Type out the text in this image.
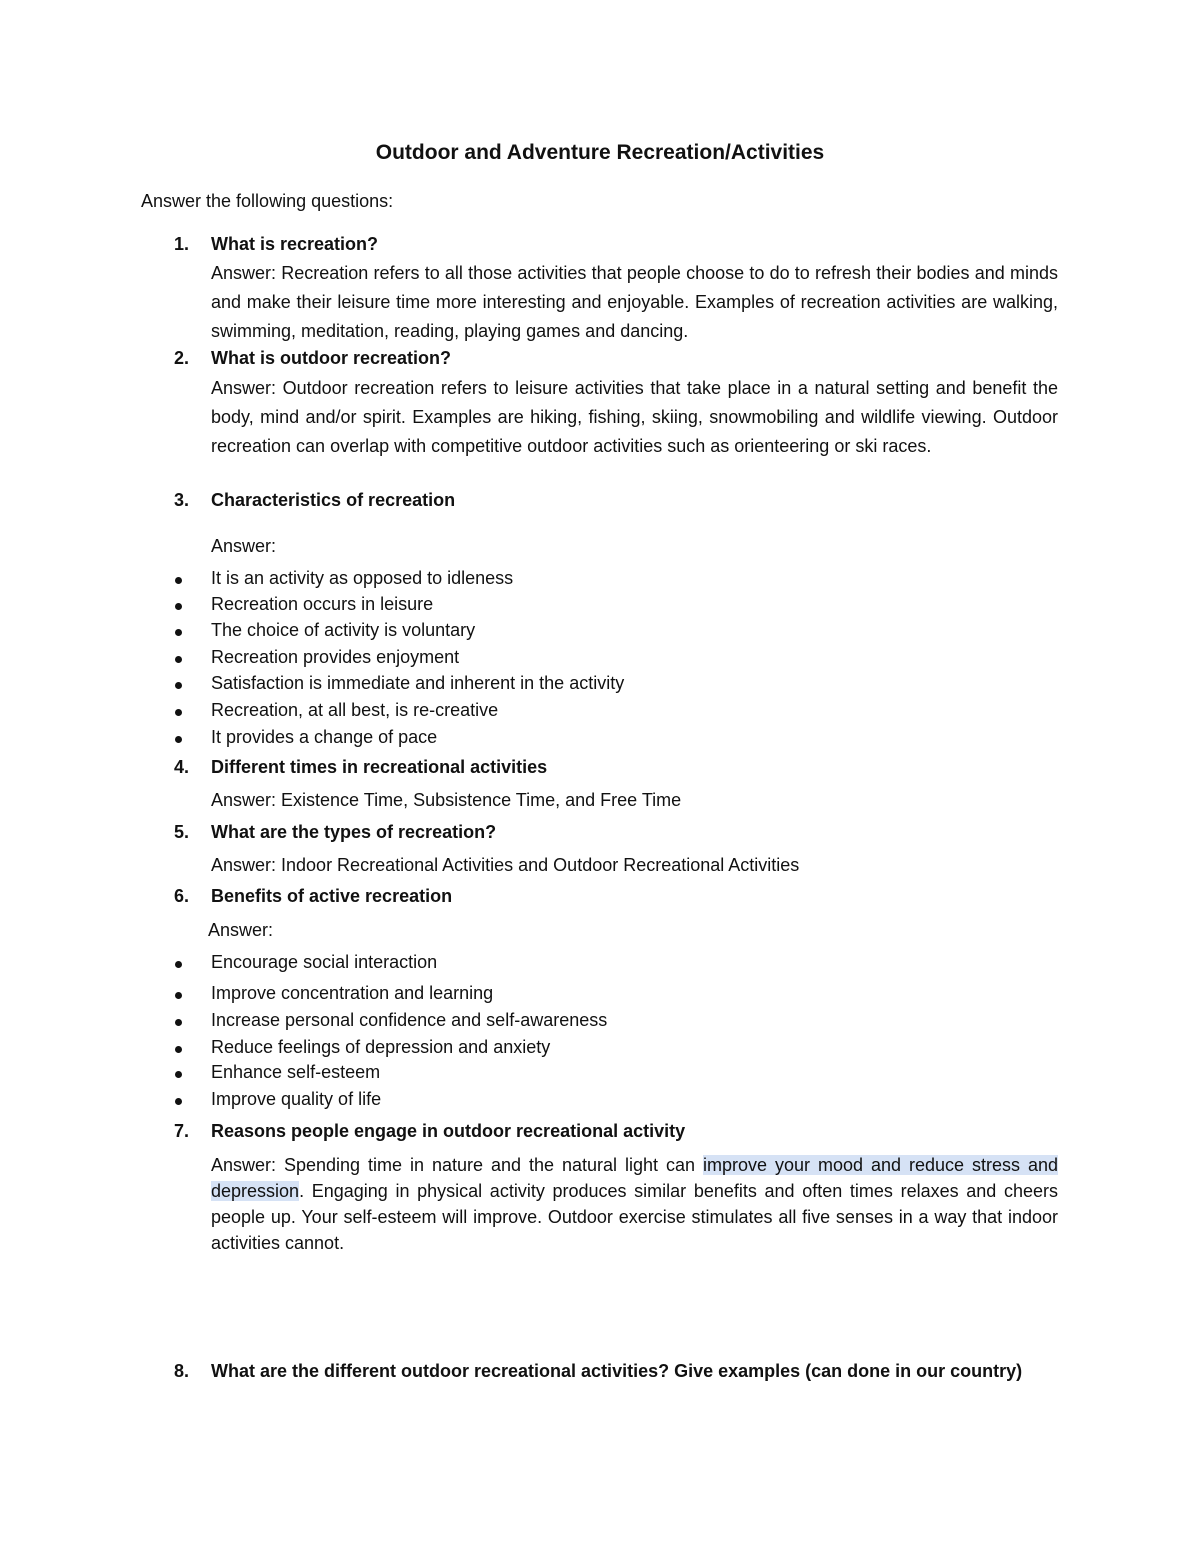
Outdoor and Adventure Recreation/Activities
Answer the following questions:
1. What is recreation?
Answer: Recreation refers to all those activities that people choose to do to refresh their bodies and minds and make their leisure time more interesting and enjoyable. Examples of recreation activities are walking, swimming, meditation, reading, playing games and dancing.
2. What is outdoor recreation?
Answer: Outdoor recreation refers to leisure activities that take place in a natural setting and benefit the body, mind and/or spirit. Examples are hiking, fishing, skiing, snowmobiling and wildlife viewing. Outdoor recreation can overlap with competitive outdoor activities such as orienteering or ski races.
3. Characteristics of recreation
Answer:
It is an activity as opposed to idleness
Recreation occurs in leisure
The choice of activity is voluntary
Recreation provides enjoyment
Satisfaction is immediate and inherent in the activity
Recreation, at all best, is re-creative
It provides a change of pace
4. Different times in recreational activities
Answer: Existence Time, Subsistence Time, and Free Time
5. What are the types of recreation?
Answer: Indoor Recreational Activities and Outdoor Recreational Activities
6. Benefits of active recreation
Answer:
Encourage social interaction
Improve concentration and learning
Increase personal confidence and self-awareness
Reduce feelings of depression and anxiety
Enhance self-esteem
Improve quality of life
7. Reasons people engage in outdoor recreational activity
Answer: Spending time in nature and the natural light can improve your mood and reduce stress and depression. Engaging in physical activity produces similar benefits and often times relaxes and cheers people up. Your self-esteem will improve. Outdoor exercise stimulates all five senses in a way that indoor activities cannot.
8. What are the different outdoor recreational activities? Give examples (can done in our country)
